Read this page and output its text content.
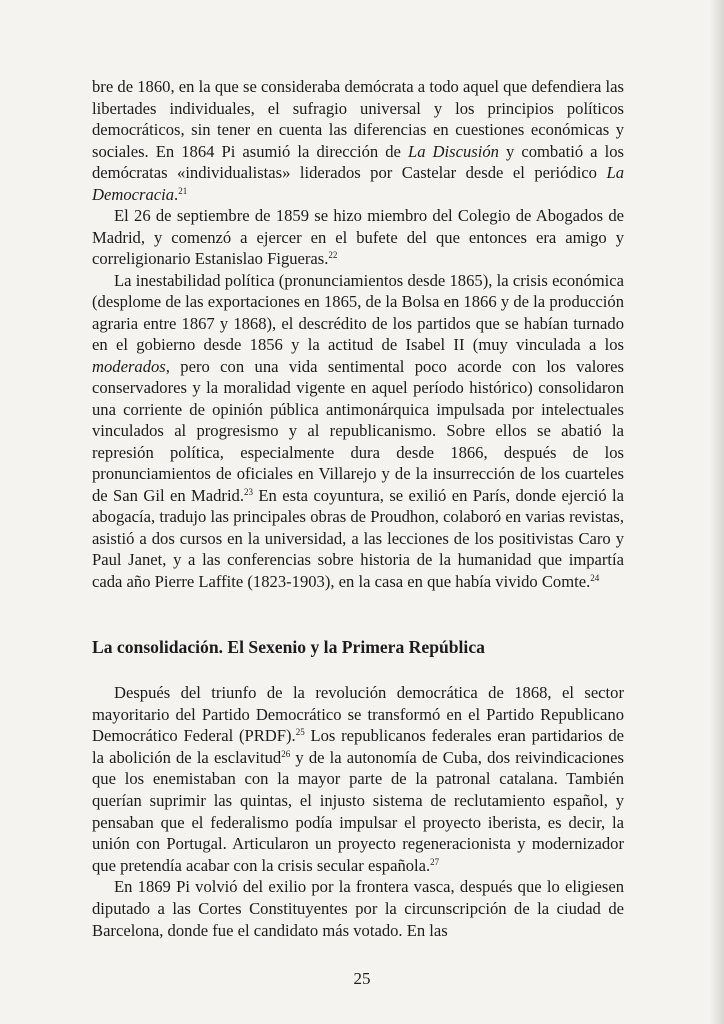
bre de 1860, en la que se consideraba demócrata a todo aquel que defendiera las libertades individuales, el sufragio universal y los principios políticos democráticos, sin tener en cuenta las diferencias en cuestiones económicas y sociales. En 1864 Pi asumió la dirección de La Discusión y combatió a los demócratas «individualistas» liderados por Castelar desde el periódico La Democracia.$^{21}$

El 26 de septiembre de 1859 se hizo miembro del Colegio de Abogados de Madrid, y comenzó a ejercer en el bufete del que entonces era amigo y correligionario Estanislao Figueras.$^{22}$

La inestabilidad política (pronunciamientos desde 1865), la crisis económica (desplome de las exportaciones en 1865, de la Bolsa en 1866 y de la producción agraria entre 1867 y 1868), el descrédito de los partidos que se habían turnado en el gobierno desde 1856 y la actitud de Isabel II (muy vinculada a los moderados, pero con una vida sentimental poco acorde con los valores conservadores y la moralidad vigente en aquel período histórico) consolidaron una corriente de opinión pública antimonárquica impulsada por intelectuales vinculados al progresismo y al republicanismo. Sobre ellos se abatió la represión política, especialmente dura desde 1866, después de los pronunciamientos de oficiales en Villarejo y de la insurrección de los cuarteles de San Gil en Madrid.$^{23}$ En esta coyuntura, se exilió en París, donde ejerció la abogacía, tradujo las principales obras de Proudhon, colaboró en varias revistas, asistió a dos cursos en la universidad, a las lecciones de los positivistas Caro y Paul Janet, y a las conferencias sobre historia de la humanidad que impartía cada año Pierre Laffite (1823-1903), en la casa en que había vivido Comte.$^{24}$

La consolidación. El Sexenio y la Primera República

Después del triunfo de la revolución democrática de 1868, el sector mayoritario del Partido Democrático se transformó en el Partido Republicano Democrático Federal (PRDF).$^{25}$ Los republicanos federales eran partidarios de la abolición de la esclavitud$^{26}$ y de la autonomía de Cuba, dos reivindicaciones que los enemistaban con la mayor parte de la patronal catalana. También querían suprimir las quintas, el injusto sistema de reclutamiento español, y pensaban que el federalismo podía impulsar el proyecto iberista, es decir, la unión con Portugal. Articularon un proyecto regeneracionista y modernizador que pretendía acabar con la crisis secular española.$^{27}$

En 1869 Pi volvió del exilio por la frontera vasca, después que lo eligiesen diputado a las Cortes Constituyentes por la circunscripción de la ciudad de Barcelona, donde fue el candidato más votado. En las

25
